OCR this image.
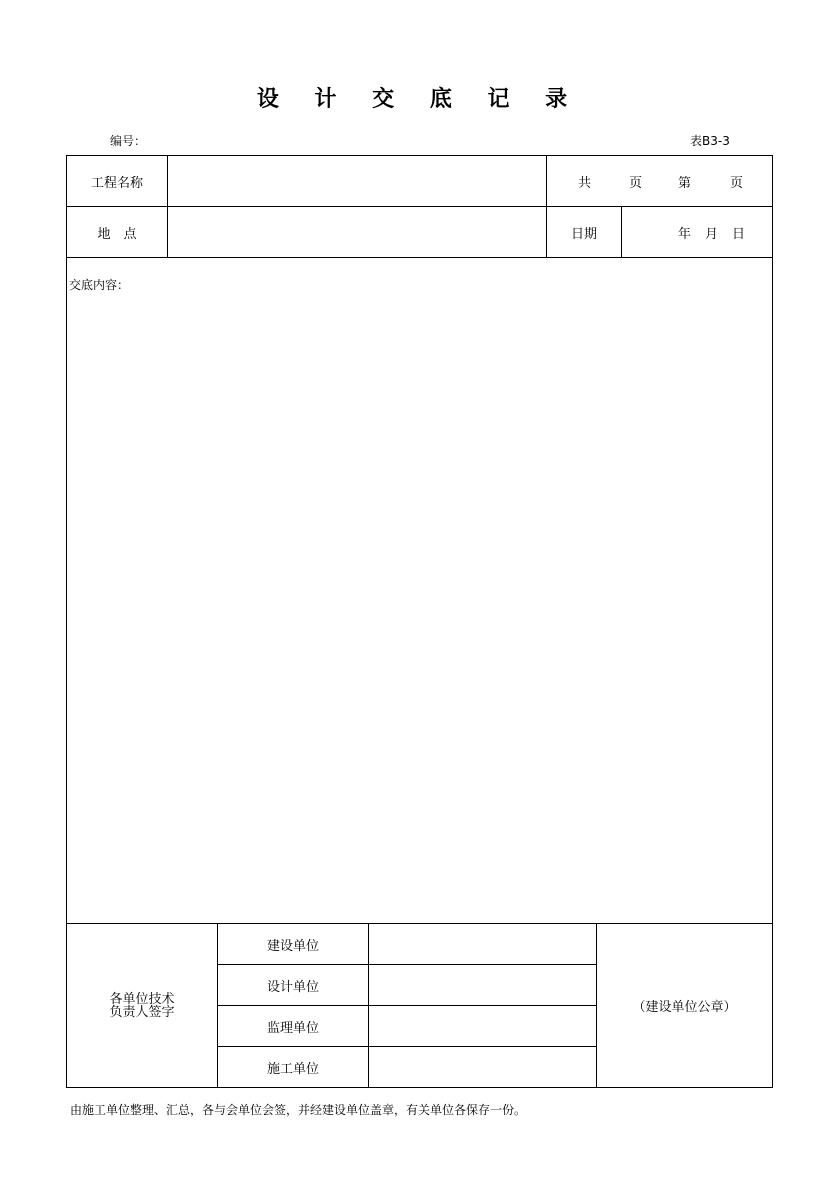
设 计 交 底 记 录
编号：	表B3-3
工程名称	共	页	第	页
地　点	日期	年 月 日
交底内容：
各单位技术
负责人签字
建设单位
设计单位
监理单位
施工单位
（建设单位公章）
由施工单位整理、汇总，各与会单位会签，并经建设单位盖章，有关单位各保存一份。
